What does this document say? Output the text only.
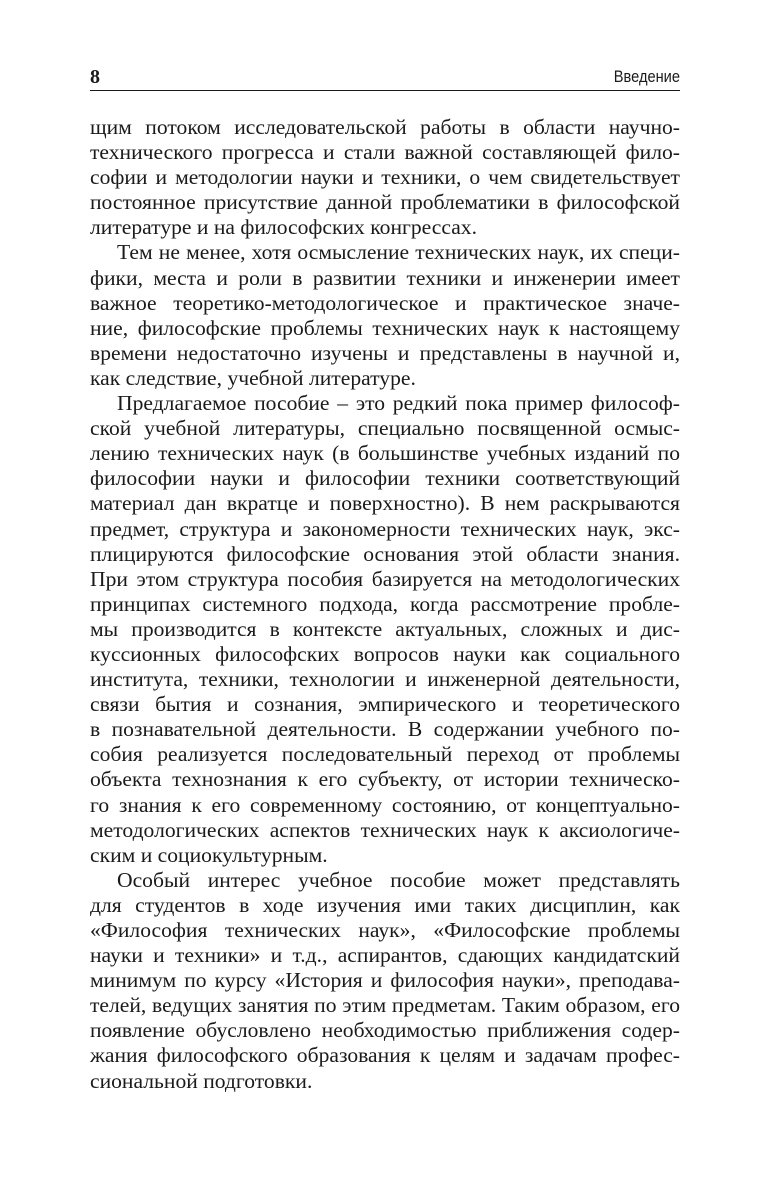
8	Введение
щим потоком исследовательской работы в области научно-
технического прогресса и стали важной составляющей фило-
софии и методологии науки и техники, о чем свидетельствует
постоянное присутствие данной проблематики в философской
литературе и на философских конгрессах.
Тем не менее, хотя осмысление технических наук, их специ-
фики, места и роли в развитии техники и инженерии имеет
важное теоретико-методологическое и практическое значе-
ние, философские проблемы технических наук к настоящему
времени недостаточно изучены и представлены в научной и,
как следствие, учебной литературе.
Предлагаемое пособие – это редкий пока пример философ-
ской учебной литературы, специально посвященной осмыс-
лению технических наук (в большинстве учебных изданий по
философии науки и философии техники соответствующий
материал дан вкратце и поверхностно). В нем раскрываются
предмет, структура и закономерности технических наук, экс-
плицируются философские основания этой области знания.
При этом структура пособия базируется на методологических
принципах системного подхода, когда рассмотрение пробле-
мы производится в контексте актуальных, сложных и дис-
куссионных философских вопросов науки как социального
института, техники, технологии и инженерной деятельности,
связи бытия и сознания, эмпирического и теоретического
в познавательной деятельности. В содержании учебного по-
собия реализуется последовательный переход от проблемы
объекта технознания к его субъекту, от истории техническо-
го знания к его современному состоянию, от концептуально-
методологических аспектов технических наук к аксиологиче-
ским и социокультурным.
Особый интерес учебное пособие может представлять
для студентов в ходе изучения ими таких дисциплин, как
«Философия технических наук», «Философские проблемы
науки и техники» и т.д., аспирантов, сдающих кандидатский
минимум по курсу «История и философия науки», преподава-
телей, ведущих занятия по этим предметам. Таким образом, его
появление обусловлено необходимостью приближения содер-
жания философского образования к целям и задачам профес-
сиональной подготовки.
